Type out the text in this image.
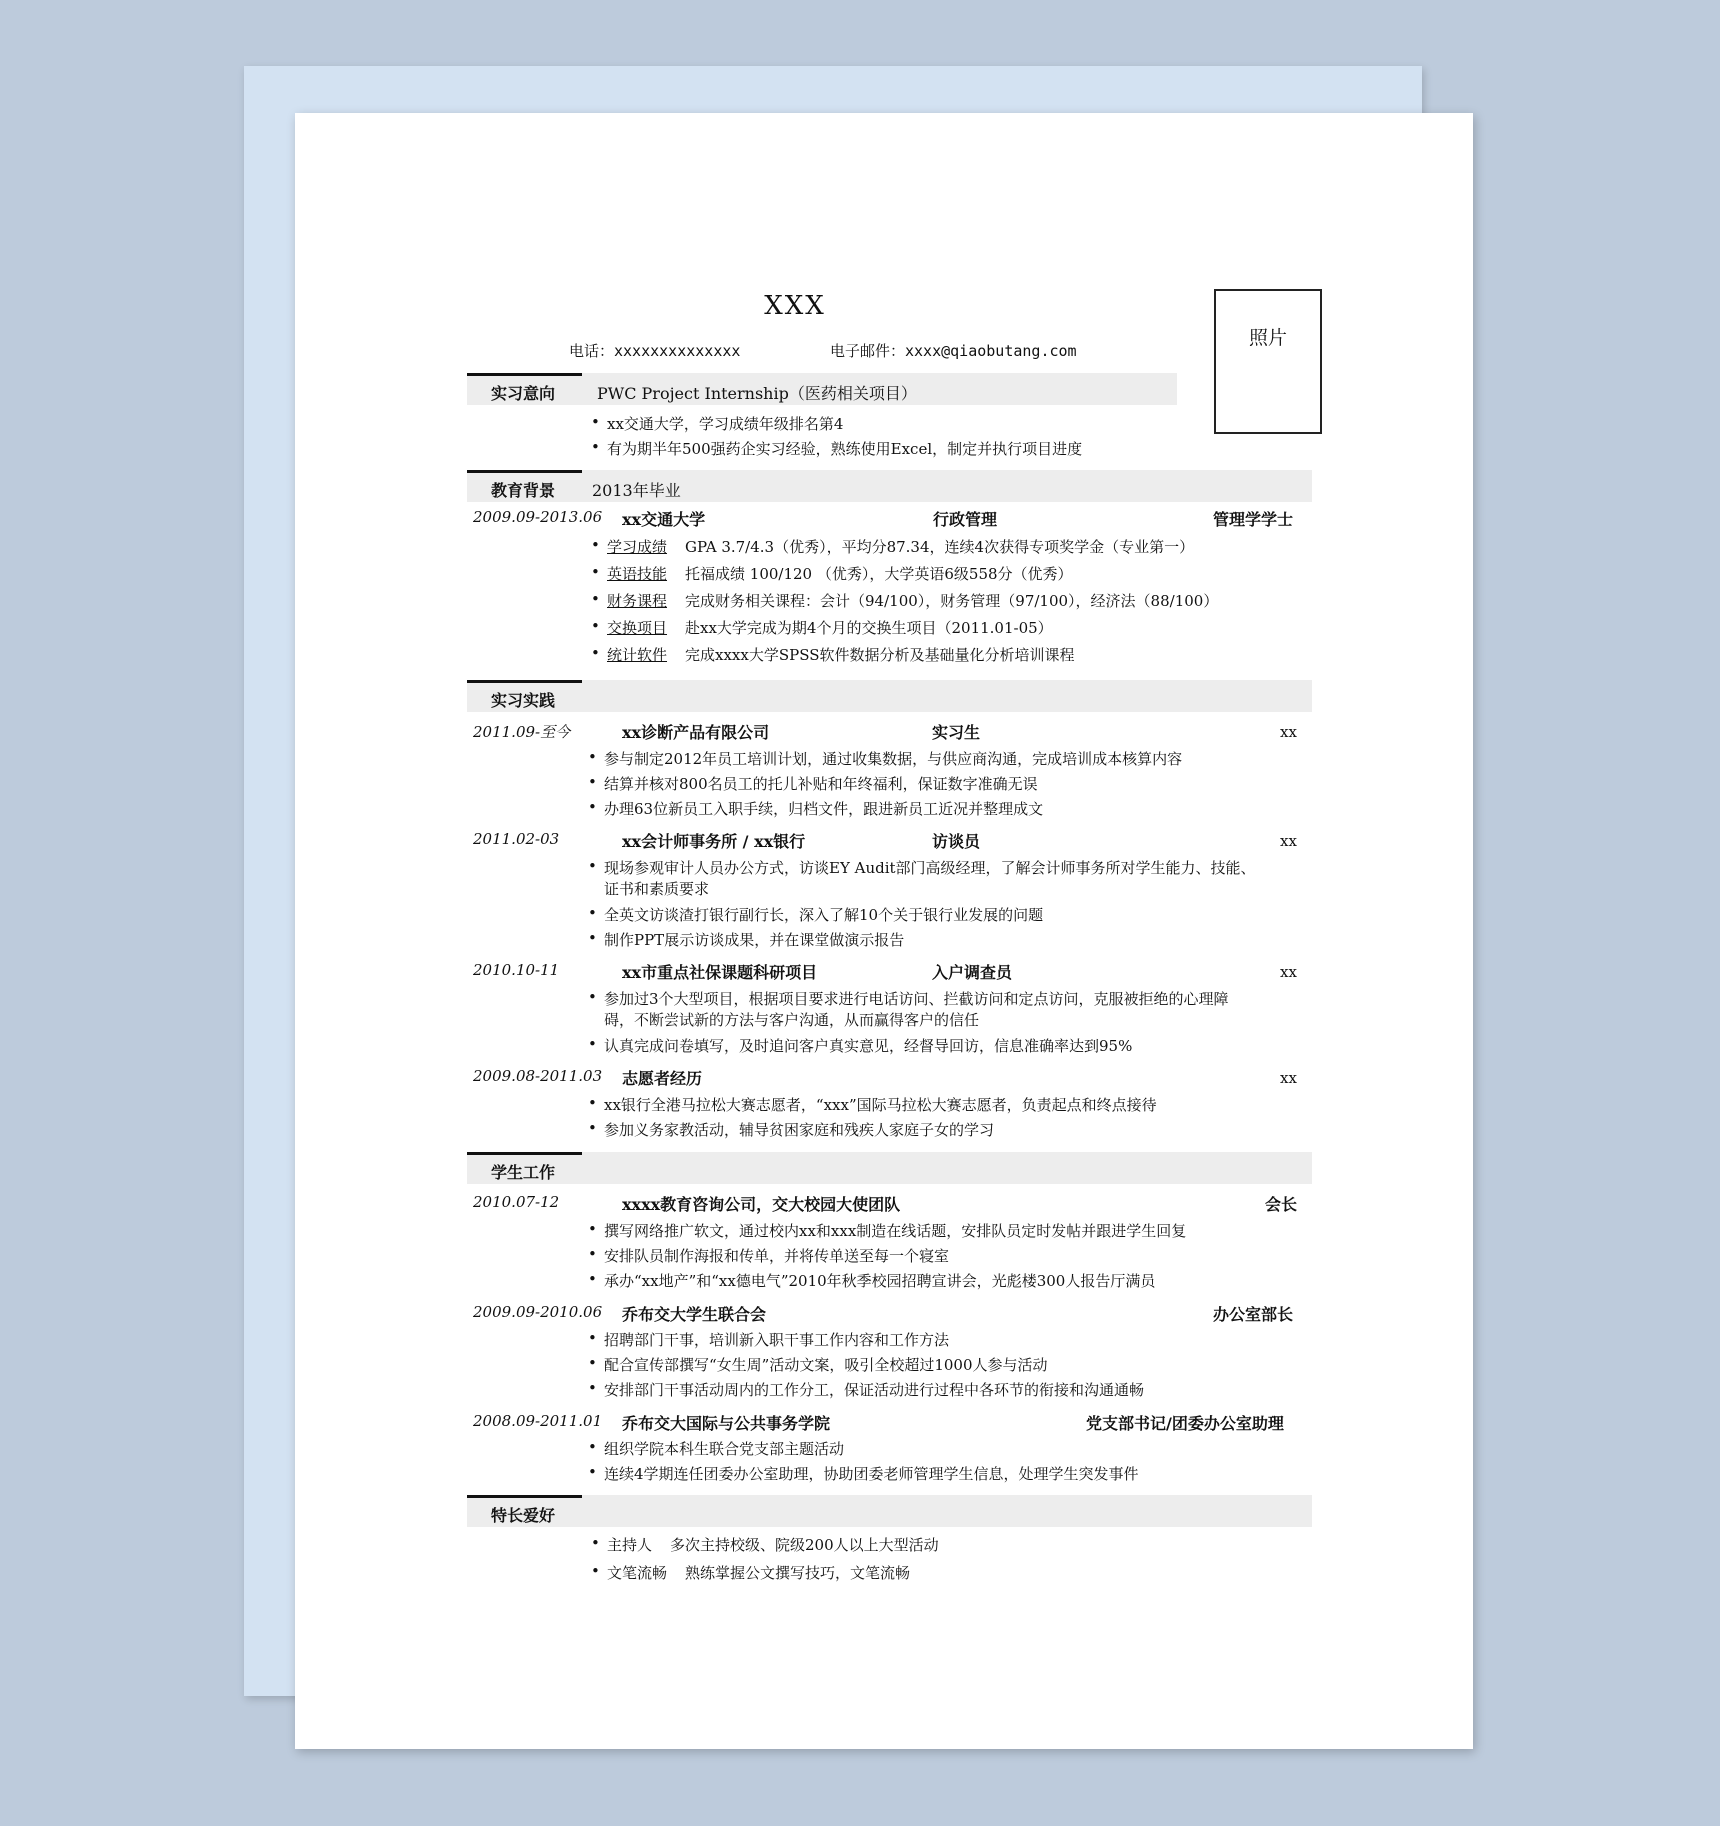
XXX
电话：xxxxxxxxxxxxxx	电子邮件：xxxx@qiaobutang.com
照片
实习意向	PWC Project Internship（医药相关项目）
• xx交通大学，学习成绩年级排名第4
• 有为期半年500强药企实习经验，熟练使用Excel，制定并执行项目进度
教育背景 2013年毕业
2009.09-2013.06 xx交通大学	行政管理	管理学学士
• 学习成绩 GPA 3.7/4.3（优秀），平均分87.34，连续4次获得专项奖学金（专业第一）
• 英语技能 托福成绩 100/120 （优秀），大学英语6级558分（优秀）
• 财务课程 完成财务相关课程：会计（94/100），财务管理（97/100），经济法（88/100）
• 交换项目 赴xx大学完成为期4个月的交换生项目（2011.01-05）
• 统计软件 完成xxxx大学SPSS软件数据分析及基础量化分析培训课程
实习实践
2011.09-至今	xx诊断产品有限公司	实习生	xx
• 参与制定2012年员工培训计划，通过收集数据，与供应商沟通，完成培训成本核算内容
• 结算并核对800名员工的托儿补贴和年终福利，保证数字准确无误
• 办理63位新员工入职手续，归档文件，跟进新员工近况并整理成文
2011.02-03	xx会计师事务所 / xx银行	访谈员	xx
• 现场参观审计人员办公方式，访谈EY Audit部门高级经理，了解会计师事务所对学生能力、技能、
证书和素质要求
• 全英文访谈渣打银行副行长，深入了解10个关于银行业发展的问题
• 制作PPT展示访谈成果，并在课堂做演示报告
2010.10-11	xx市重点社保课题科研项目	入户调查员	xx
• 参加过3个大型项目，根据项目要求进行电话访问、拦截访问和定点访问，克服被拒绝的心理障
碍，不断尝试新的方法与客户沟通，从而赢得客户的信任
• 认真完成问卷填写，及时追问客户真实意见，经督导回访，信息准确率达到95%
2009.08-2011.03 志愿者经历	xx
• xx银行全港马拉松大赛志愿者，“xxx”国际马拉松大赛志愿者，负责起点和终点接待
• 参加义务家教活动，辅导贫困家庭和残疾人家庭子女的学习
学生工作
2010.07-12	xxxx教育咨询公司，交大校园大使团队	会长
• 撰写网络推广软文，通过校内xx和xxx制造在线话题，安排队员定时发帖并跟进学生回复
• 安排队员制作海报和传单，并将传单送至每一个寝室
• 承办“xx地产”和“xx德电气”2010年秋季校园招聘宣讲会，光彪楼300人报告厅满员
2009.09-2010.06 乔布交大学生联合会	办公室部长
• 招聘部门干事，培训新入职干事工作内容和工作方法
• 配合宣传部撰写“女生周”活动文案，吸引全校超过1000人参与活动
• 安排部门干事活动周内的工作分工，保证活动进行过程中各环节的衔接和沟通通畅
2008.09-2011.01 乔布交大国际与公共事务学院	党支部书记/团委办公室助理
• 组织学院本科生联合党支部主题活动
• 连续4学期连任团委办公室助理，协助团委老师管理学生信息，处理学生突发事件
特长爱好
• 主持人 多次主持校级、院级200人以上大型活动
• 文笔流畅 熟练掌握公文撰写技巧，文笔流畅
